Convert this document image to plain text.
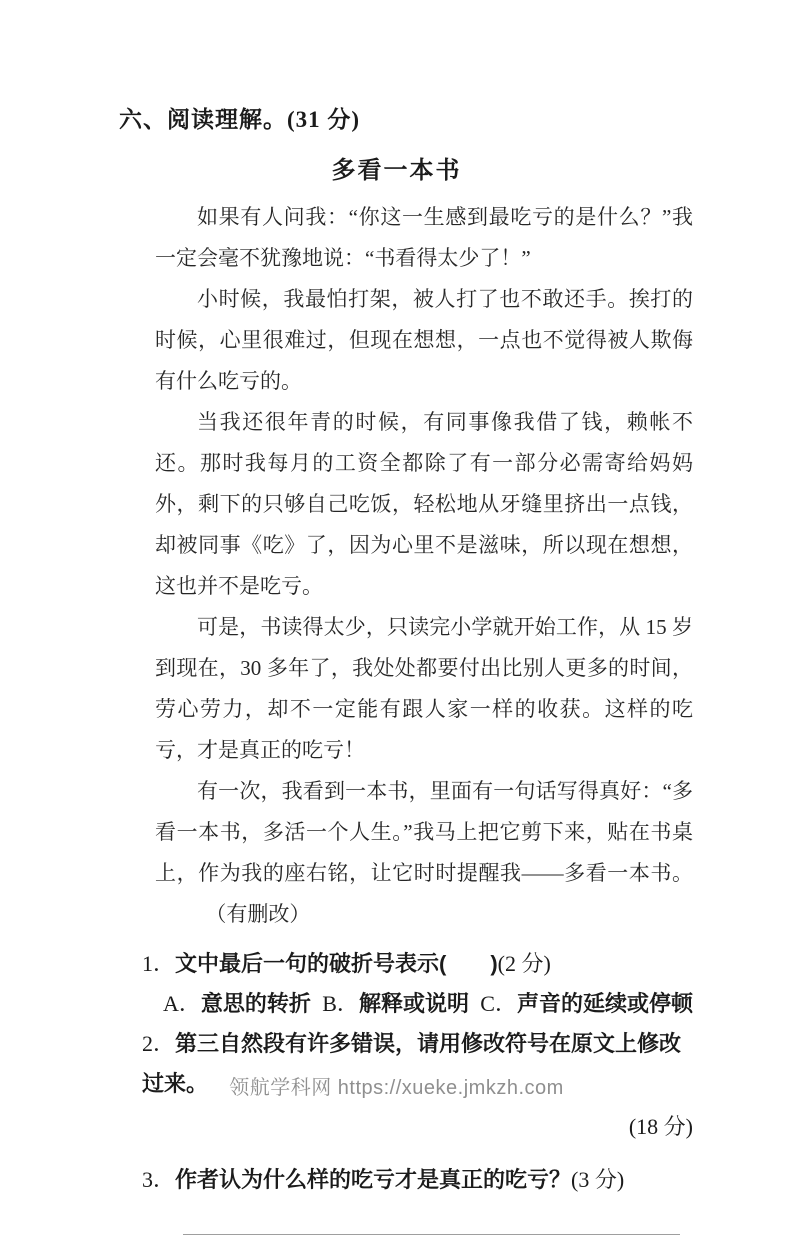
六、阅读理解。(31 分)
多看一本书

如果有人问我：“你这一生感到最吃亏的是什么？”我一定会毫不犹豫地说：“书看得太少了！”

小时候，我最怕打架，被人打了也不敢还手。挨打的时候，心里很难过，但现在想想，一点也不觉得被人欺侮有什么吃亏的。

当我还很年青的时候，有同事像我借了钱，赖帐不还。那时我每月的工资全都除了有一部分必需寄给妈妈外，剩下的只够自己吃饭，轻松地从牙缝里挤出一点钱，却被同事《吃》了，因为心里不是滋味，所以现在想想，这也并不是吃亏。

可是，书读得太少，只读完小学就开始工作，从 15 岁到现在，30 多年了，我处处都要付出比别人更多的时间，劳心劳力，却不一定能有跟人家一样的收获。这样的吃亏，才是真正的吃亏！

有一次，我看到一本书，里面有一句话写得真好：“多看一本书，多活一个人生。”我马上把它剪下来，贴在书桌上，作为我的座右铭，让它时时提醒我——多看一本书。（有删改）

1．文中最后一句的破折号表示(　　)(2 分)
A．意思的转折 B．解释或说明 C．声音的延续或停顿
2．第三自然段有许多错误，请用修改符号在原文上修改过来。
(18 分)
3．作者认为什么样的吃亏才是真正的吃亏？(3 分)
领航学科网 https://xueke.jmkzh.com
